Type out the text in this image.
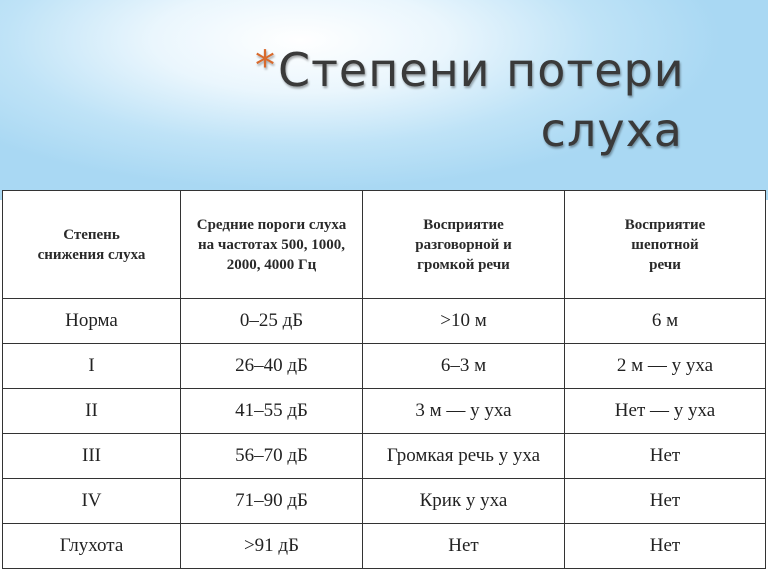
*Степени потери
слуха
Степень снижения слуха	Средние пороги слуха на частотах 500, 1000, 2000, 4000 Гц	Восприятие разговорной и громкой речи	Восприятие шепотной речи
Норма	0–25 дБ	>10 м	6 м
I	26–40 дБ	6–3 м	2 м — у уха
II	41–55 дБ	3 м — у уха	Нет — у уха
III	56–70 дБ	Громкая речь у уха	Нет
IV	71–90 дБ	Крик у уха	Нет
Глухота	>91 дБ	Нет	Нет
